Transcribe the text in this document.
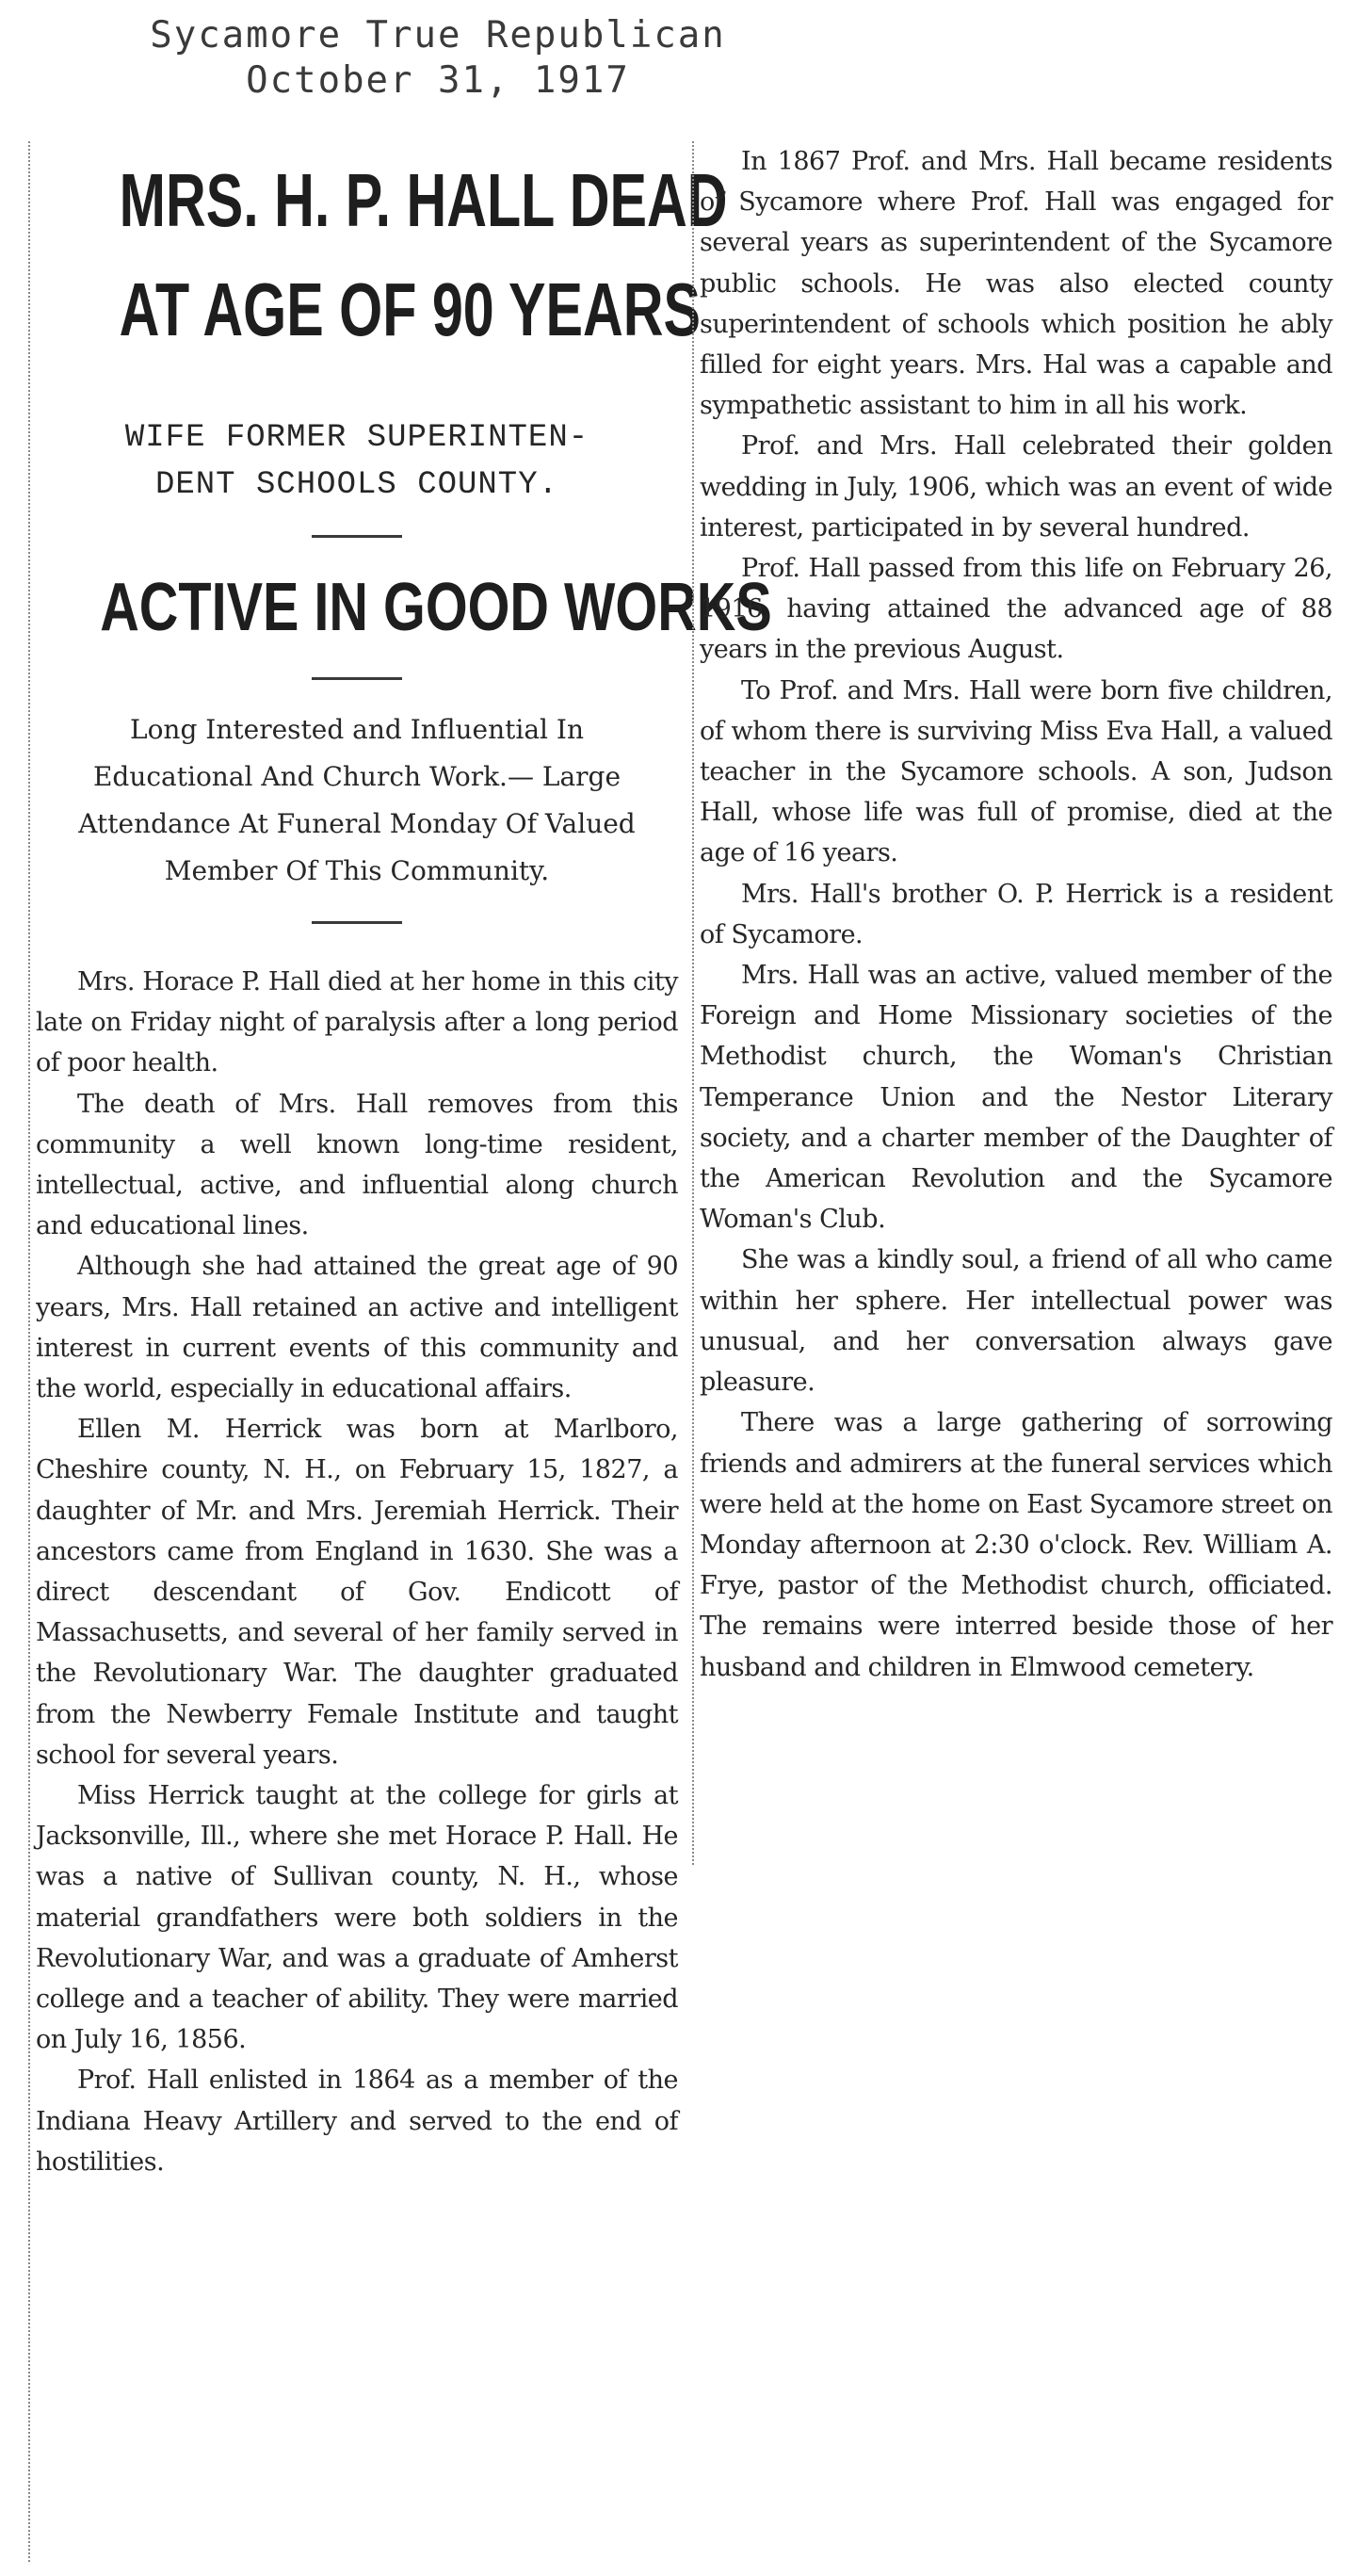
Sycamore True Republican
October 31, 1917
MRS. H. P. HALL DEAD
AT AGE OF 90 YEARS
WIFE FORMER SUPERINTEN-
DENT SCHOOLS COUNTY.
ACTIVE IN GOOD WORKS
Long Interested and Influential In Educational And Church Work.— Large Attendance At Funeral Monday Of Valued Member Of This Community.

Mrs. Horace P. Hall died at her home in this city late on Friday night of paralysis after a long period of poor health.

The death of Mrs. Hall removes from this community a well known long-time resident, intellectual, active, and influential along church and educational lines.

Although she had attained the great age of 90 years, Mrs. Hall retained an active and intelligent interest in current events of this community and the world, especially in educational affairs.

Ellen M. Herrick was born at Marlboro, Cheshire county, N. H., on February 15, 1827, a daughter of Mr. and Mrs. Jeremiah Herrick. Their ancestors came from England in 1630. She was a direct descendant of Gov. Endicott of Massachusetts, and several of her family served in the Revolutionary War. The daughter graduated from the Newberry Female Institute and taught school for several years.

Miss Herrick taught at the college for girls at Jacksonville, Ill., where she met Horace P. Hall. He was a native of Sullivan county, N. H., whose material grandfathers were both soldiers in the Revolutionary War, and was a graduate of Amherst college and a teacher of ability. They were married on July 16, 1856.

Prof. Hall enlisted in 1864 as a member of the Indiana Heavy Artillery and served to the end of hostilities.

In 1867 Prof. and Mrs. Hall became residents of Sycamore where Prof. Hall was engaged for several years as superintendent of the Sycamore public schools. He was also elected county superintendent of schools which position he ably filled for eight years. Mrs. Hal was a capable and sympathetic assistant to him in all his work.

Prof. and Mrs. Hall celebrated their golden wedding in July, 1906, which was an event of wide interest, participated in by several hundred.

Prof. Hall passed from this life on February 26, 1916, having attained the advanced age of 88 years in the previous August.

To Prof. and Mrs. Hall were born five children, of whom there is surviving Miss Eva Hall, a valued teacher in the Sycamore schools. A son, Judson Hall, whose life was full of promise, died at the age of 16 years.

Mrs. Hall's brother O. P. Herrick is a resident of Sycamore.

Mrs. Hall was an active, valued member of the Foreign and Home Missionary societies of the Methodist church, the Woman's Christian Temperance Union and the Nestor Literary society, and a charter member of the Daughter of the American Revolution and the Sycamore Woman's Club.

She was a kindly soul, a friend of all who came within her sphere. Her intellectual power was unusual, and her conversation always gave pleasure.

There was a large gathering of sorrowing friends and admirers at the funeral services which were held at the home on East Sycamore street on Monday afternoon at 2:30 o'clock. Rev. William A. Frye, pastor of the Methodist church, officiated. The remains were interred beside those of her husband and children in Elmwood cemetery.
